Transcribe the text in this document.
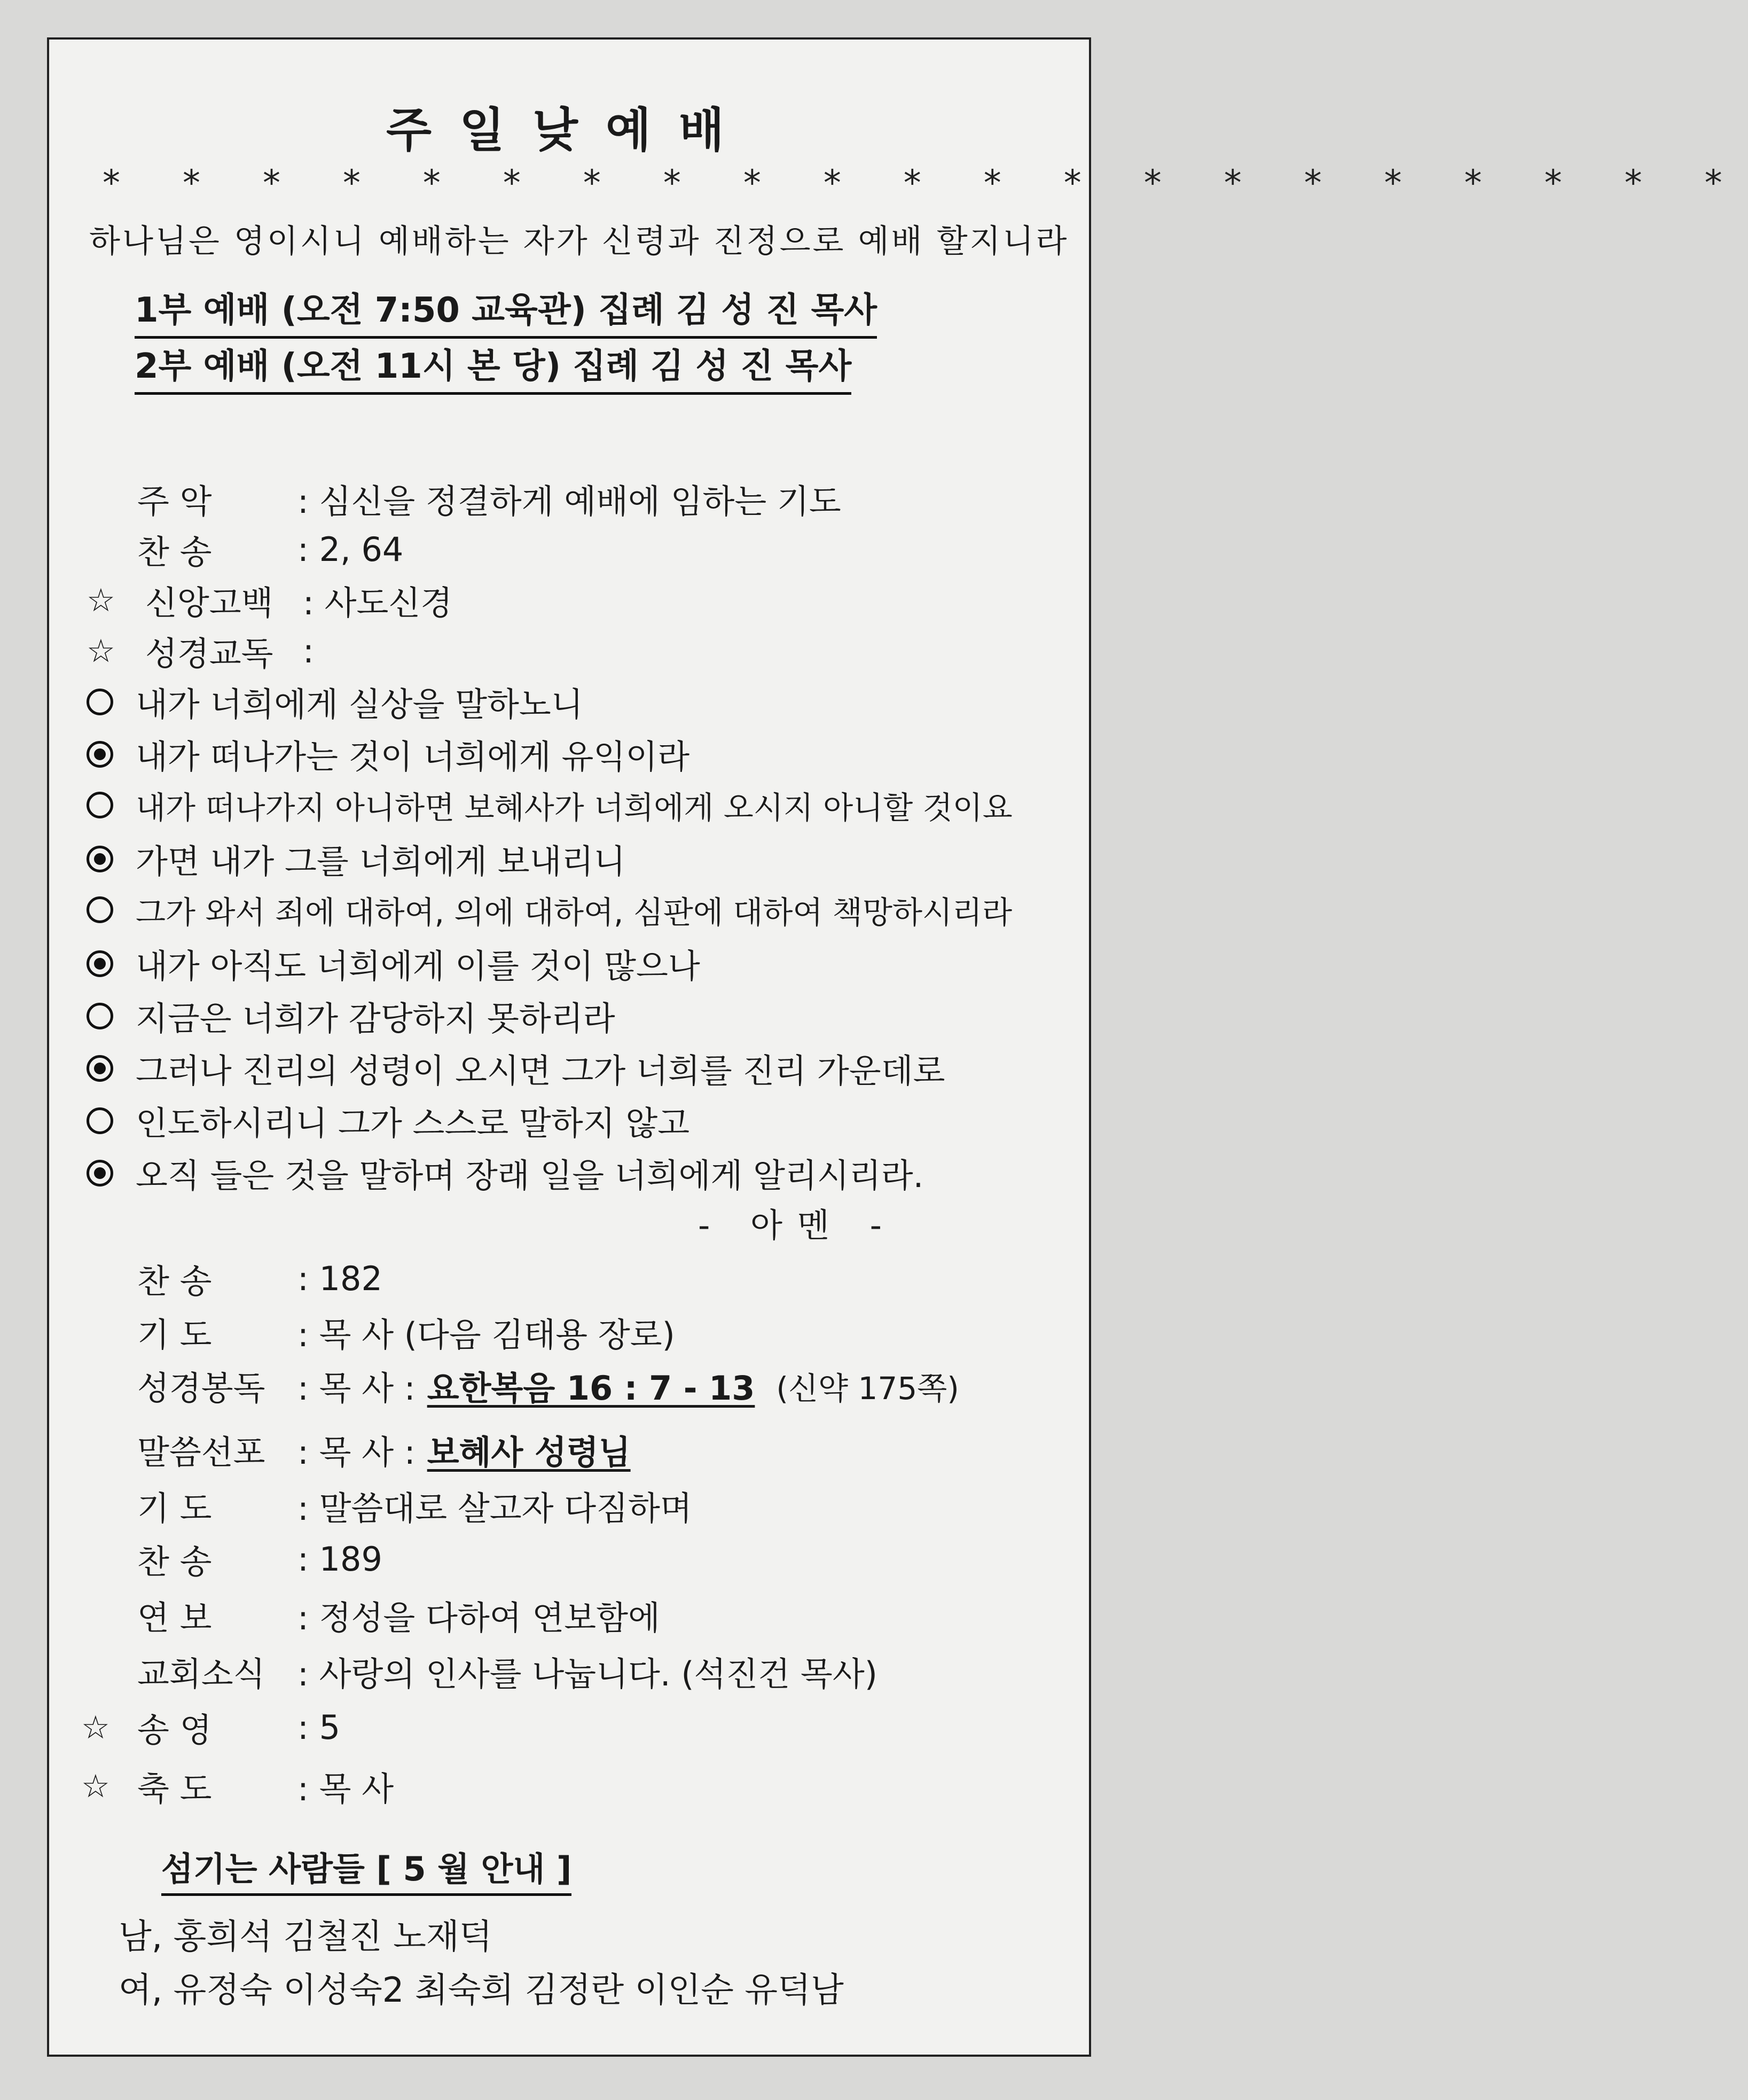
주일낮예배
* * * * * * * * * * * * * * * * * * * * *
하나님은 영이시니 예배하는 자가 신령과 진정으로 예배 할지니라
1부 예배 (오전 7:50 교육관) 집례 김 성 진 목사
2부 예배 (오전 11시 본 당) 집례 김 성 진 목사
주 악	: 심신을 정결하게 예배에 임하는 기도
찬 송	: 2, 64
☆ 신앙고백 : 사도신경
☆ 성경교독 :
내가 너희에게 실상을 말하노니
내가 떠나가는 것이 너희에게 유익이라
내가 떠나가지 아니하면 보혜사가 너희에게 오시지 아니할 것이요
가면 내가 그를 너희에게 보내리니
그가 와서 죄에 대하여, 의에 대하여, 심판에 대하여 책망하시리라
내가 아직도 너희에게 이를 것이 많으나
지금은 너희가 감당하지 못하리라
그러나 진리의 성령이 오시면 그가 너희를 진리 가운데로
인도하시리니 그가 스스로 말하지 않고
오직 들은 것을 말하며 장래 일을 너희에게 알리시리라.
- 아멘 -
찬 송	: 182
기 도	: 목 사 (다음 김태용 장로)
성경봉독 : 목 사 : 요한복음 16 : 7 - 13 (신약 175쪽)
말씀선포 : 목 사 : 보혜사 성령님
기 도	: 말씀대로 살고자 다짐하며
찬 송	: 189
연 보	: 정성을 다하여 연보함에
교회소식 : 사랑의 인사를 나눕니다. (석진건 목사)
☆ 송 영	: 5
☆ 축 도	: 목 사
섬기는 사람들 [ 5 월 안내 ]
남, 홍희석 김철진 노재덕
여, 유정숙 이성숙2 최숙희 김정란 이인순 유덕남
